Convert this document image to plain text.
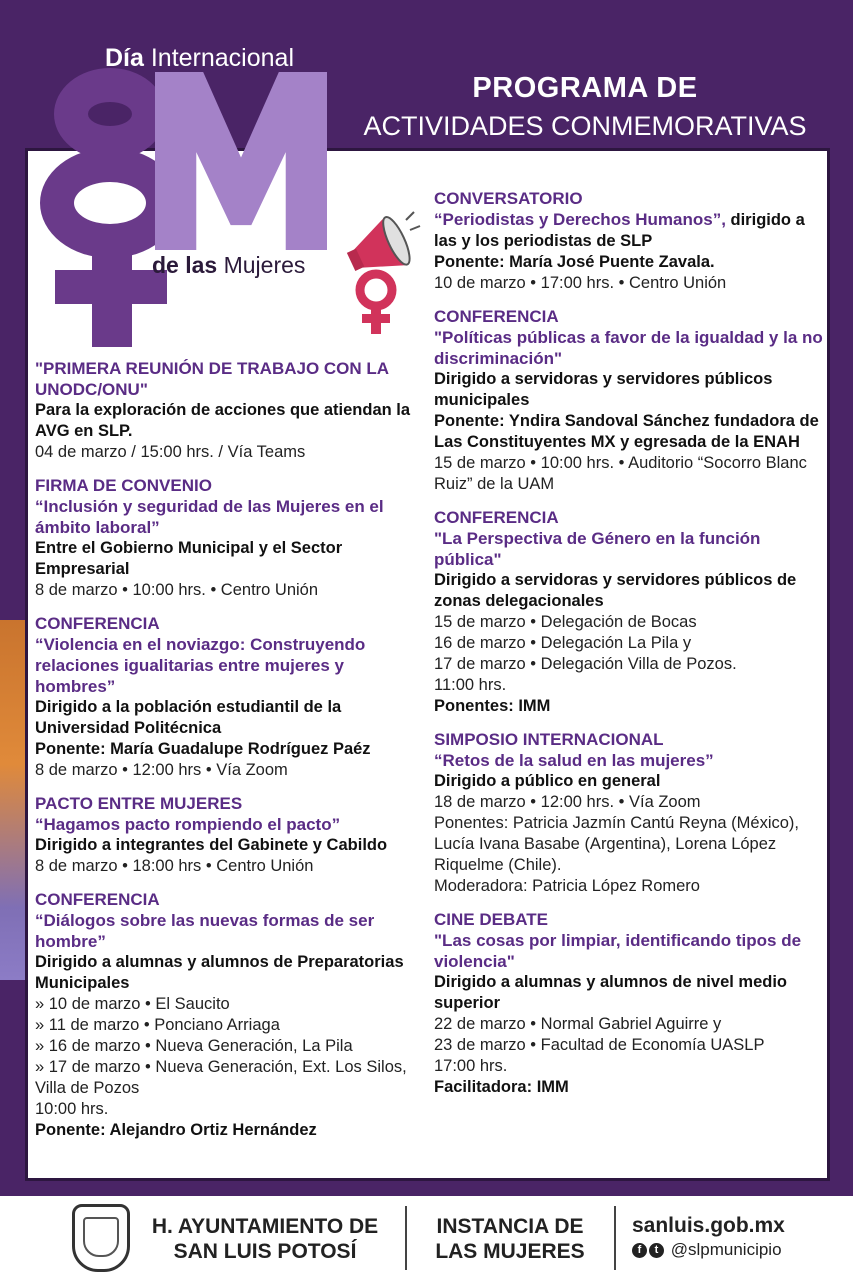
Día Internacional
de las Mujeres
PROGRAMA DE
ACTIVIDADES CONMEMORATIVAS
"PRIMERA REUNIÓN DE TRABAJO CON LA UNODC/ONU"
Para la exploración de acciones que atiendan la AVG en SLP.
04 de marzo / 15:00 hrs. / Vía Teams
FIRMA DE CONVENIO
“Inclusión y seguridad de las Mujeres en el ámbito laboral”
Entre el Gobierno Municipal y el Sector Empresarial
8 de marzo • 10:00 hrs. • Centro Unión
CONFERENCIA
“Violencia en el noviazgo: Construyendo relaciones igualitarias entre mujeres y hombres”
Dirigido a la población estudiantil de la Universidad Politécnica
Ponente: María Guadalupe Rodríguez Paéz
8 de marzo • 12:00 hrs • Vía Zoom
PACTO ENTRE MUJERES
“Hagamos pacto rompiendo el pacto”
Dirigido a integrantes del Gabinete y Cabildo
8 de marzo • 18:00 hrs • Centro Unión
CONFERENCIA
“Diálogos sobre las nuevas formas de ser hombre”
Dirigido a alumnas y alumnos de Preparatorias Municipales
» 10 de marzo • El Saucito
» 11 de marzo • Ponciano Arriaga
» 16 de marzo • Nueva Generación, La Pila
» 17 de marzo • Nueva Generación, Ext. Los Silos, Villa de Pozos
10:00 hrs.
Ponente: Alejandro Ortiz Hernández
CONVERSATORIO
“Periodistas y Derechos Humanos”, dirigido a las y los periodistas de SLP
Ponente: María José Puente Zavala.
10 de marzo • 17:00 hrs. • Centro Unión
CONFERENCIA
"Políticas públicas a favor de la igualdad y la no discriminación"
Dirigido a servidoras y servidores públicos municipales
Ponente: Yndira Sandoval Sánchez fundadora de Las Constituyentes MX y egresada de la ENAH
15 de marzo • 10:00 hrs. • Auditorio “Socorro Blanc Ruiz” de la UAM
CONFERENCIA
"La Perspectiva de Género en la función pública"
Dirigido a servidoras y servidores públicos de zonas delegacionales
15 de marzo • Delegación de Bocas
16 de marzo • Delegación La Pila y
17 de marzo • Delegación Villa de Pozos.
11:00 hrs.
Ponentes: IMM
SIMPOSIO INTERNACIONAL
“Retos de la salud en las mujeres”
Dirigido a público en general
18 de marzo • 12:00 hrs. • Vía Zoom
Ponentes: Patricia Jazmín Cantú Reyna (México), Lucía Ivana Basabe (Argentina), Lorena López Riquelme (Chile).
Moderadora: Patricia López Romero
CINE DEBATE
"Las cosas por limpiar, identificando tipos de violencia"
Dirigido a alumnas y alumnos de nivel medio superior
22 de marzo • Normal Gabriel Aguirre y
23 de marzo • Facultad de Economía UASLP
17:00 hrs.
Facilitadora: IMM
H. AYUNTAMIENTO DE SAN LUIS POTOSÍ
INSTANCIA DE LAS MUJERES
sanluis.gob.mx
f t @slpmunicipio
